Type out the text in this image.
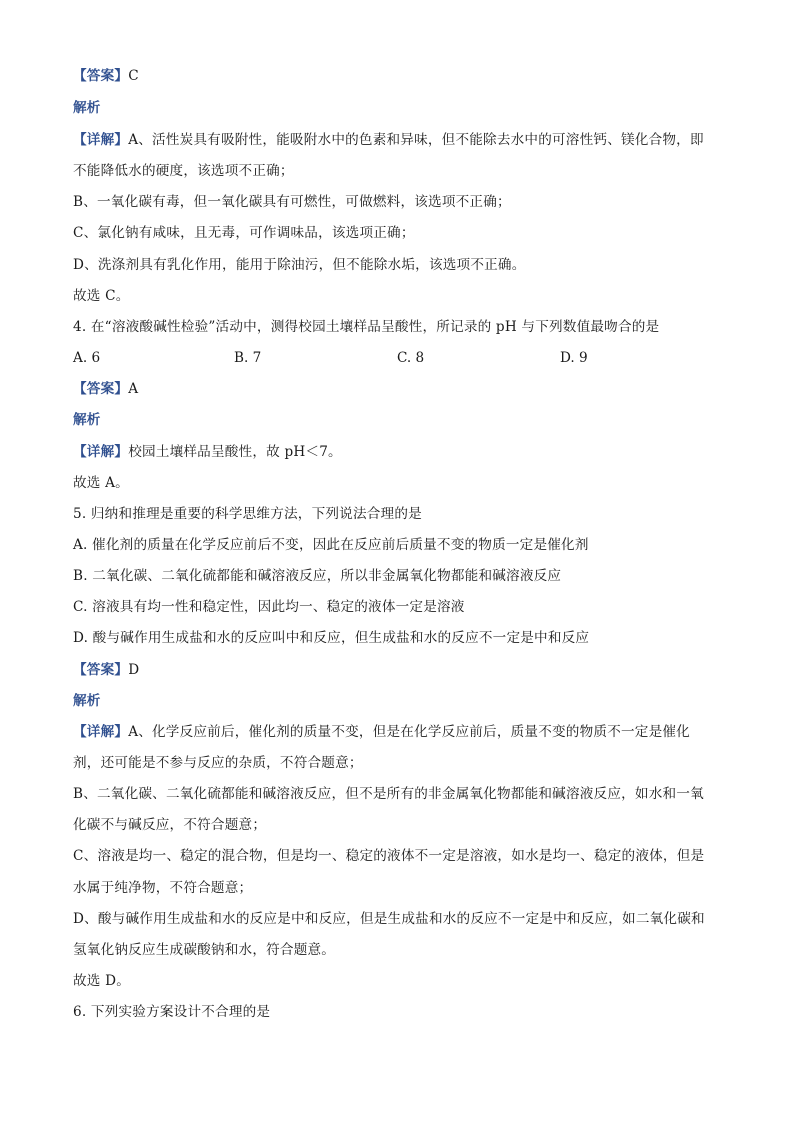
【答案】C
解析
【详解】A、活性炭具有吸附性，能吸附水中的色素和异味，但不能除去水中的可溶性钙、镁化合物，即
不能降低水的硬度，该选项不正确；
B、一氧化碳有毒，但一氧化碳具有可燃性，可做燃料，该选项不正确；
C、氯化钠有咸味，且无毒，可作调味品，该选项正确；
D、洗涤剂具有乳化作用，能用于除油污，但不能除水垢，该选项不正确。
故选 C。
4. 在“溶液酸碱性检验”活动中，测得校园土壤样品呈酸性，所记录的 pH 与下列数值最吻合的是
A. 6	B. 7	C. 8	D. 9
【答案】A
解析
【详解】校园土壤样品呈酸性，故 pH＜7。
故选 A。
5. 归纳和推理是重要的科学思维方法，下列说法合理的是
A. 催化剂的质量在化学反应前后不变，因此在反应前后质量不变的物质一定是催化剂
B. 二氧化碳、二氧化硫都能和碱溶液反应，所以非金属氧化物都能和碱溶液反应
C. 溶液具有均一性和稳定性，因此均一、稳定的液体一定是溶液
D. 酸与碱作用生成盐和水的反应叫中和反应，但生成盐和水的反应不一定是中和反应
【答案】D
解析
【详解】A、化学反应前后，催化剂的质量不变，但是在化学反应前后，质量不变的物质不一定是催化
剂，还可能是不参与反应的杂质，不符合题意；
B、二氧化碳、二氧化硫都能和碱溶液反应，但不是所有的非金属氧化物都能和碱溶液反应，如水和一氧
化碳不与碱反应，不符合题意；
C、溶液是均一、稳定的混合物，但是均一、稳定的液体不一定是溶液，如水是均一、稳定的液体，但是
水属于纯净物，不符合题意；
D、酸与碱作用生成盐和水的反应是中和反应，但是生成盐和水的反应不一定是中和反应，如二氧化碳和
氢氧化钠反应生成碳酸钠和水，符合题意。
故选 D。
6. 下列实验方案设计不合理的是
